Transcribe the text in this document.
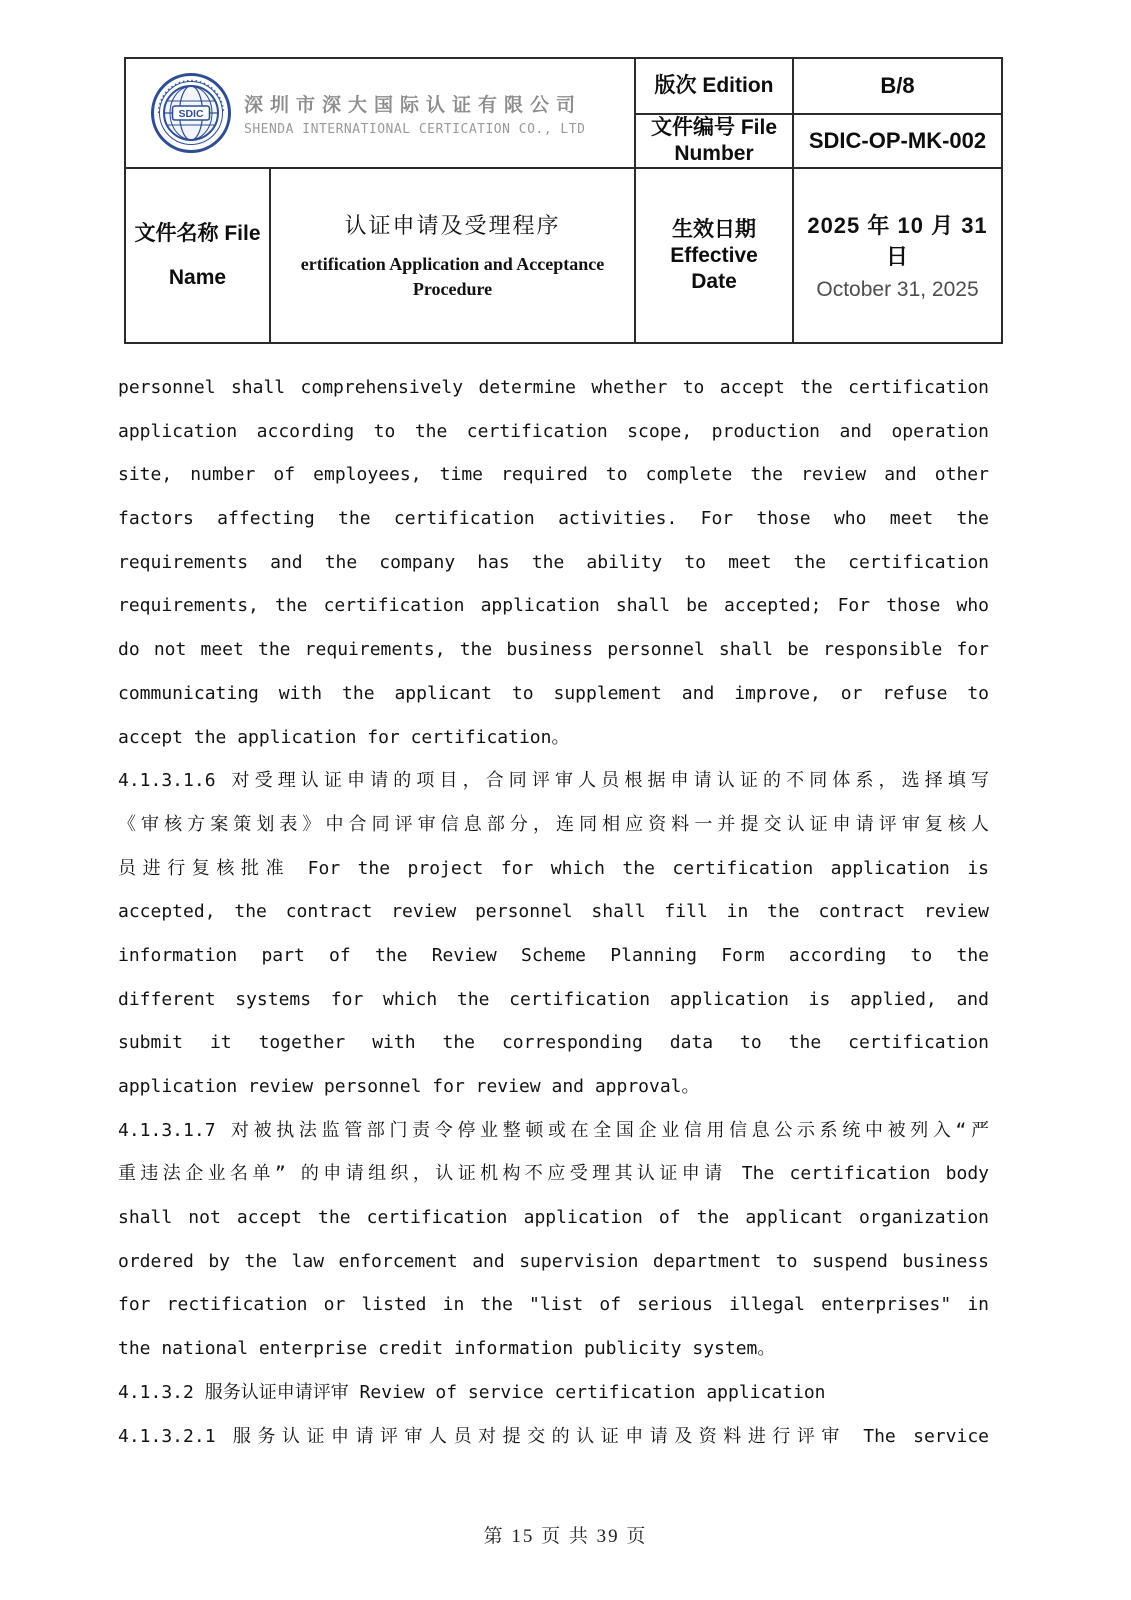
SDIC 深圳市深大国际认证有限公司
SHENDA INTERNATIONAL CERTICATION CO., LTD
版次 Edition	B/8
文件编号 File
Number
SDIC-OP-MK-002
文件名称 File
Name
认证申请及受理程序
ertification Application and Acceptance
Procedure
生效日期
Effective
Date
2025 年 10 月 31 日
October 31, 2025
personnel shall comprehensively determine whether to accept the certification
application according to the certification scope, production and operation
site, number of employees, time required to complete the review and other
factors affecting the certification activities. For those who meet the
requirements and the company has the ability to meet the certification
requirements, the certification application shall be accepted; For those who
do not meet the requirements, the business personnel shall be responsible for
communicating with the applicant to supplement and improve, or refuse to
accept the application for certification。
4.1.3.1.6 对受理认证申请的项目，合同评审人员根据申请认证的不同体系，选择填写
《审核方案策划表》中合同评审信息部分，连同相应资料一并提交认证申请评审复核人
员进行复核批准 For the project for which the certification application is
accepted, the contract review personnel shall fill in the contract review
information part of the Review Scheme Planning Form according to the
different systems for which the certification application is applied, and
submit it together with the corresponding data to the certification
application review personnel for review and approval。
4.1.3.1.7 对被执法监管部门责令停业整顿或在全国企业信用信息公示系统中被列入“严
重违法企业名单” 的申请组织，认证机构不应受理其认证申请 The certification body
shall not accept the certification application of the applicant organization
ordered by the law enforcement and supervision department to suspend business
for rectification or listed in the "list of serious illegal enterprises" in
the national enterprise credit information publicity system。
4.1.3.2 服务认证申请评审 Review of service certification application
4.1.3.2.1 服务认证申请评审人员对提交的认证申请及资料进行评审 The service
第 15 页 共 39 页
